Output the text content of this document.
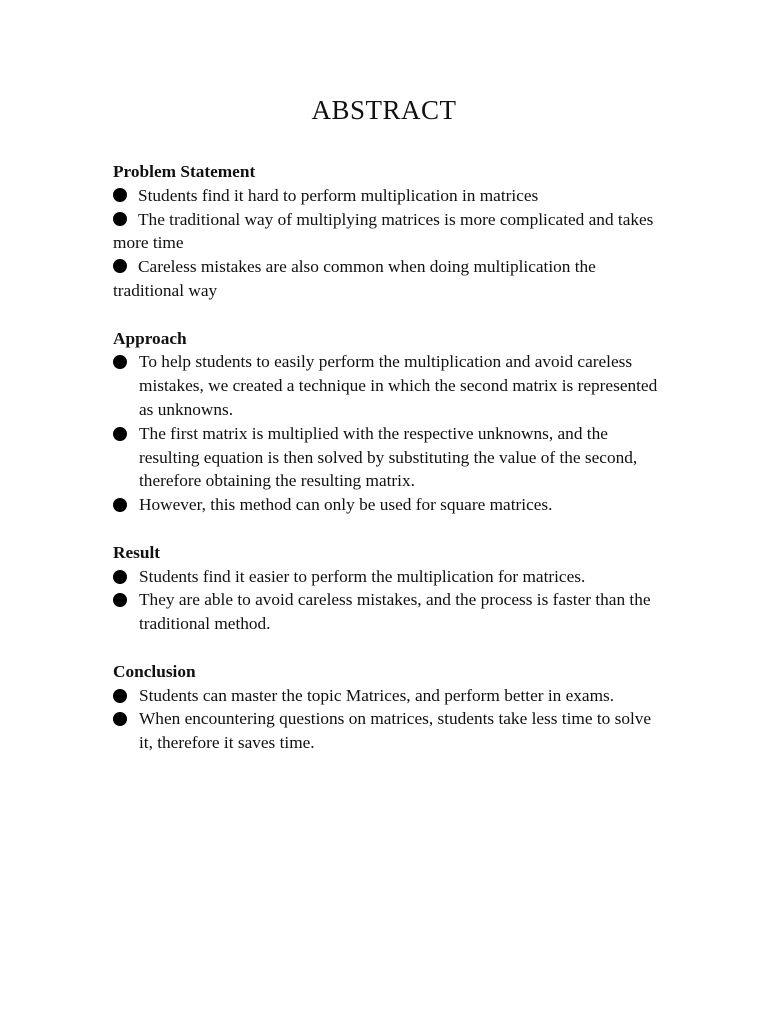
ABSTRACT

Problem Statement

Students find it hard to perform multiplication in matrices

The traditional way of multiplying matrices is more complicated and takes more time

Careless mistakes are also common when doing multiplication the traditional way

Approach

To help students to easily perform the multiplication and avoid careless mistakes, we created a technique in which the second matrix is represented as unknowns.
The first matrix is multiplied with the respective unknowns, and the resulting equation is then solved by substituting the value of the second, therefore obtaining the resulting matrix.
However, this method can only be used for square matrices.

Result

Students find it easier to perform the multiplication for matrices.
They are able to avoid careless mistakes, and the process is faster than the traditional method.

Conclusion

Students can master the topic Matrices, and perform better in exams.
When encountering questions on matrices, students take less time to solve it, therefore it saves time.
